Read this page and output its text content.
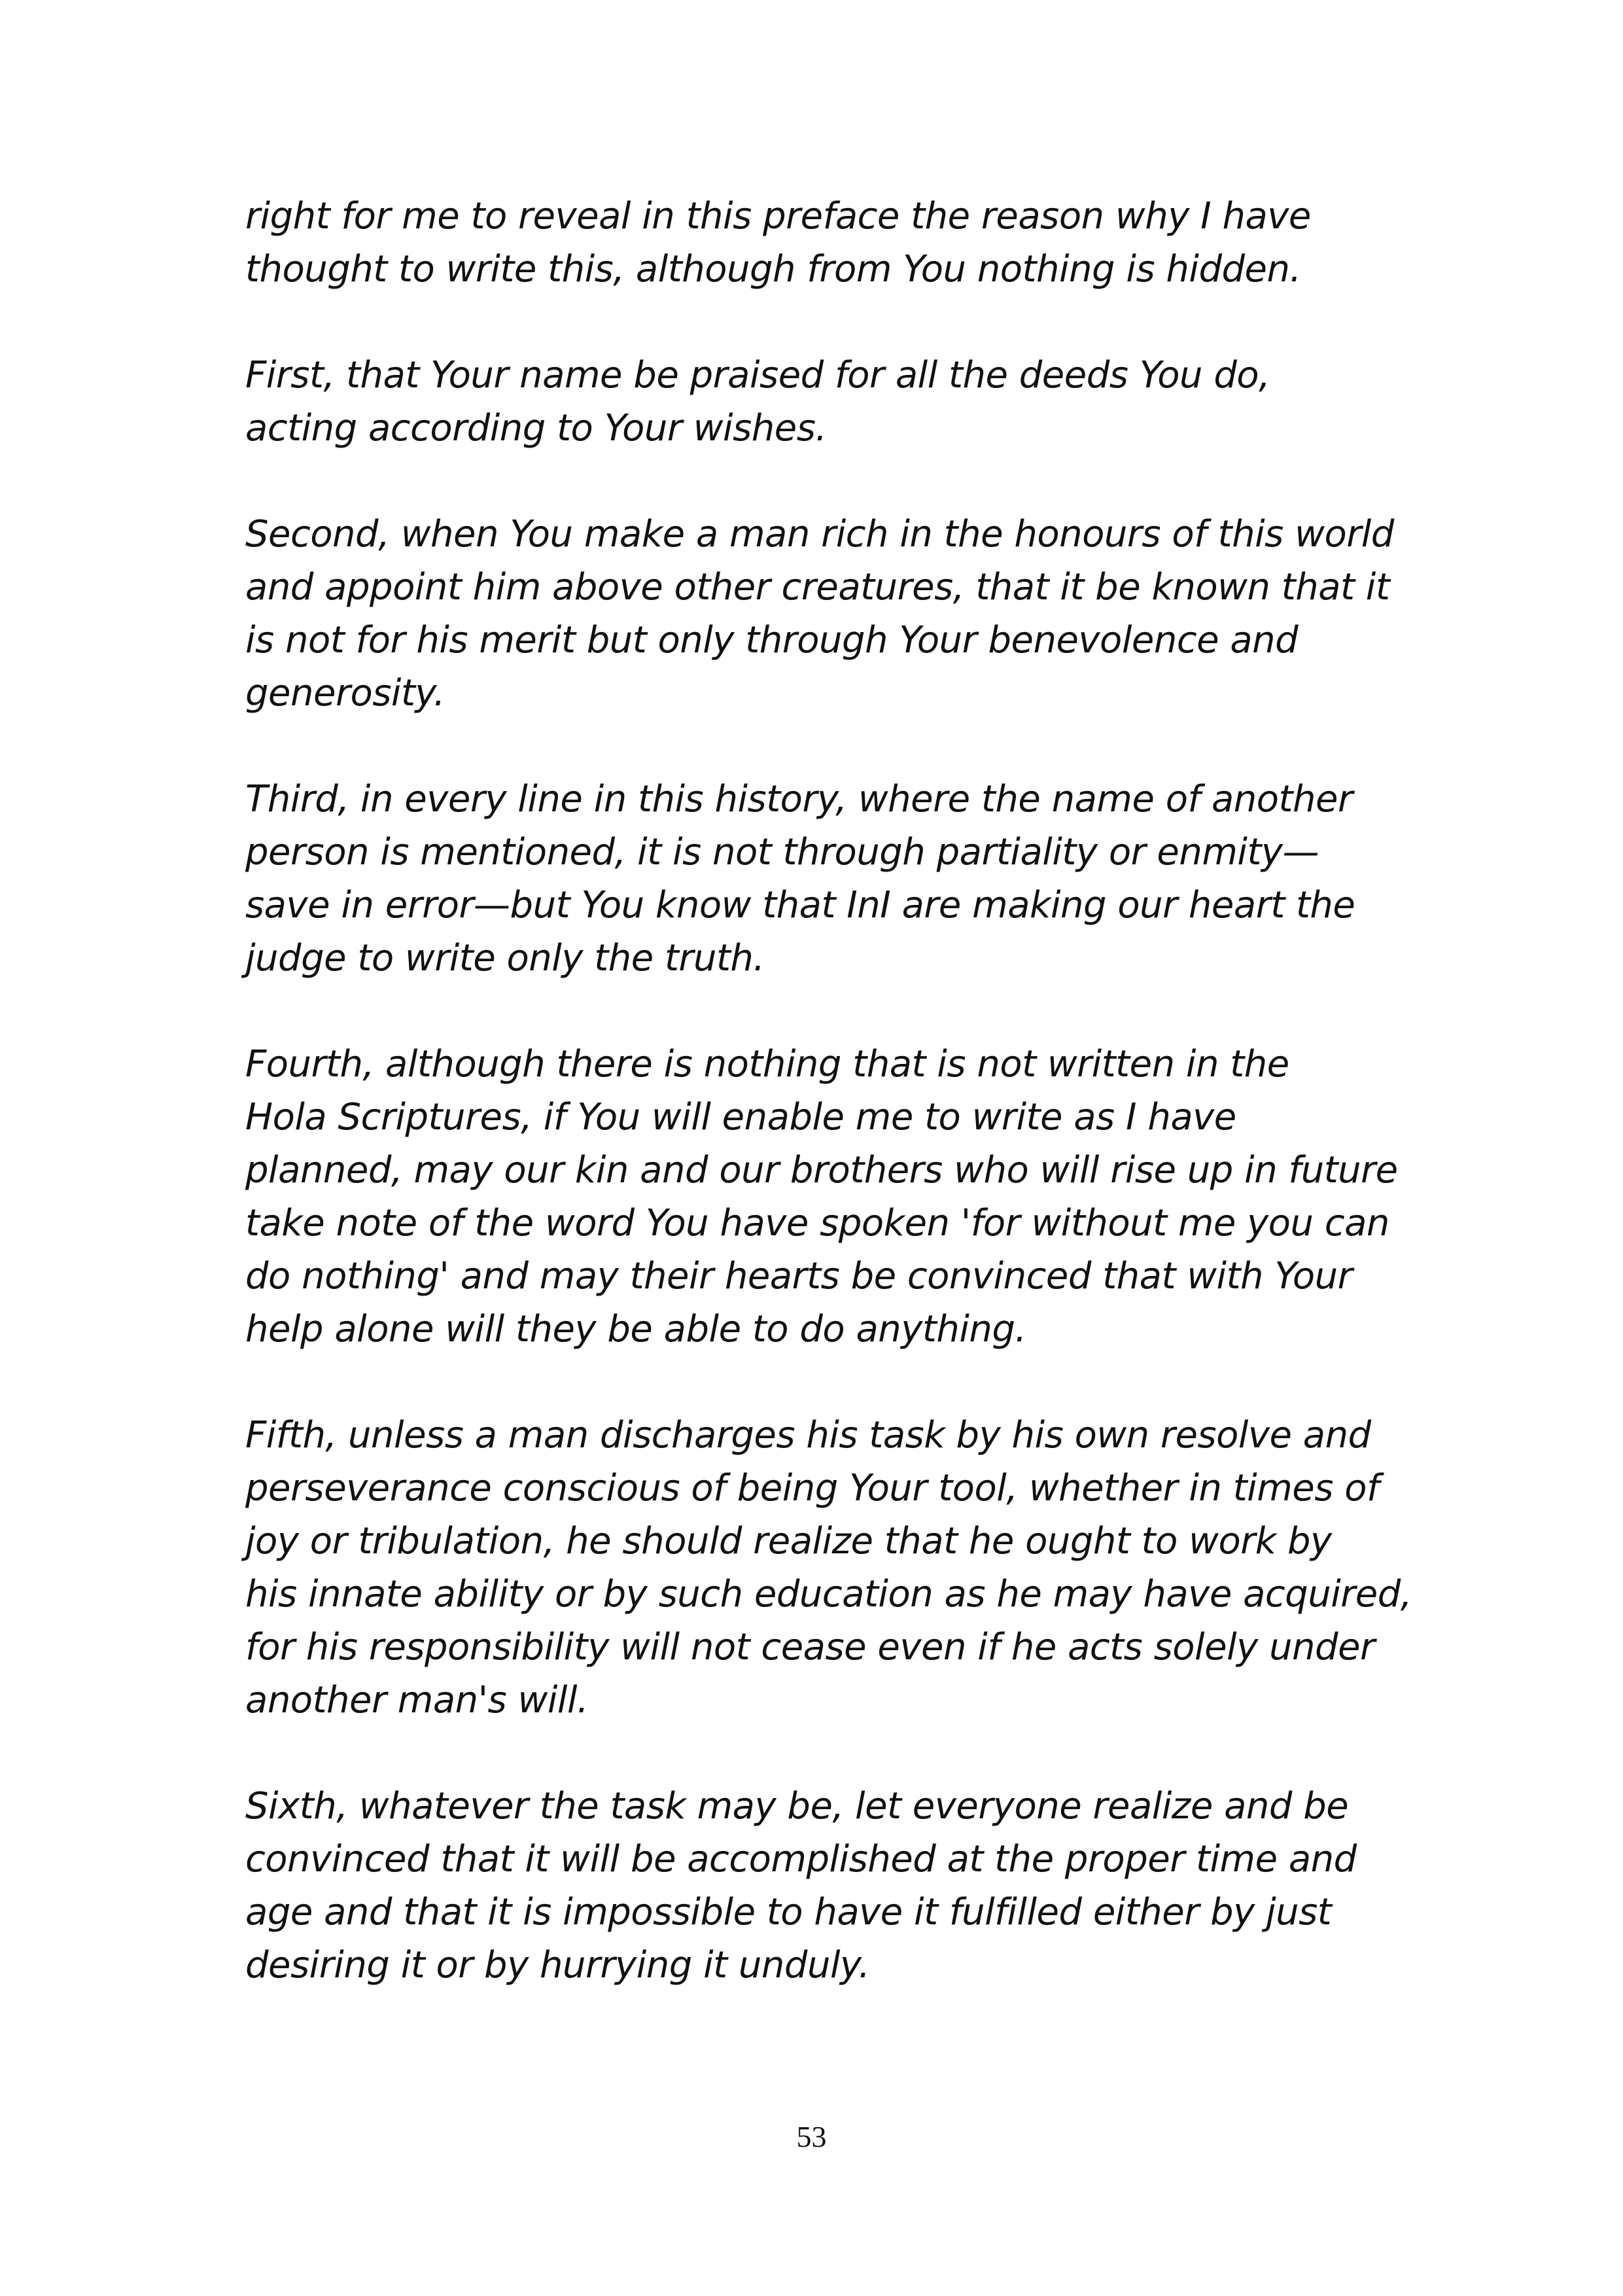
right for me to reveal in this preface the reason why I have
thought to write this, although from You nothing is hidden.

First, that Your name be praised for all the deeds You do,
acting according to Your wishes.

Second, when You make a man rich in the honours of this world
and appoint him above other creatures, that it be known that it
is not for his merit but only through Your benevolence and
generosity.

Third, in every line in this history, where the name of another
person is mentioned, it is not through partiality or enmity—
save in error—but You know that InI are making our heart the
judge to write only the truth.

Fourth, although there is nothing that is not written in the
Hola Scriptures, if You will enable me to write as I have
planned, may our kin and our brothers who will rise up in future
take note of the word You have spoken 'for without me you can
do nothing' and may their hearts be convinced that with Your
help alone will they be able to do anything.

Fifth, unless a man discharges his task by his own resolve and
perseverance conscious of being Your tool, whether in times of
joy or tribulation, he should realize that he ought to work by
his innate ability or by such education as he may have acquired,
for his responsibility will not cease even if he acts solely under
another man's will.

Sixth, whatever the task may be, let everyone realize and be
convinced that it will be accomplished at the proper time and
age and that it is impossible to have it fulfilled either by just
desiring it or by hurrying it unduly.

53
